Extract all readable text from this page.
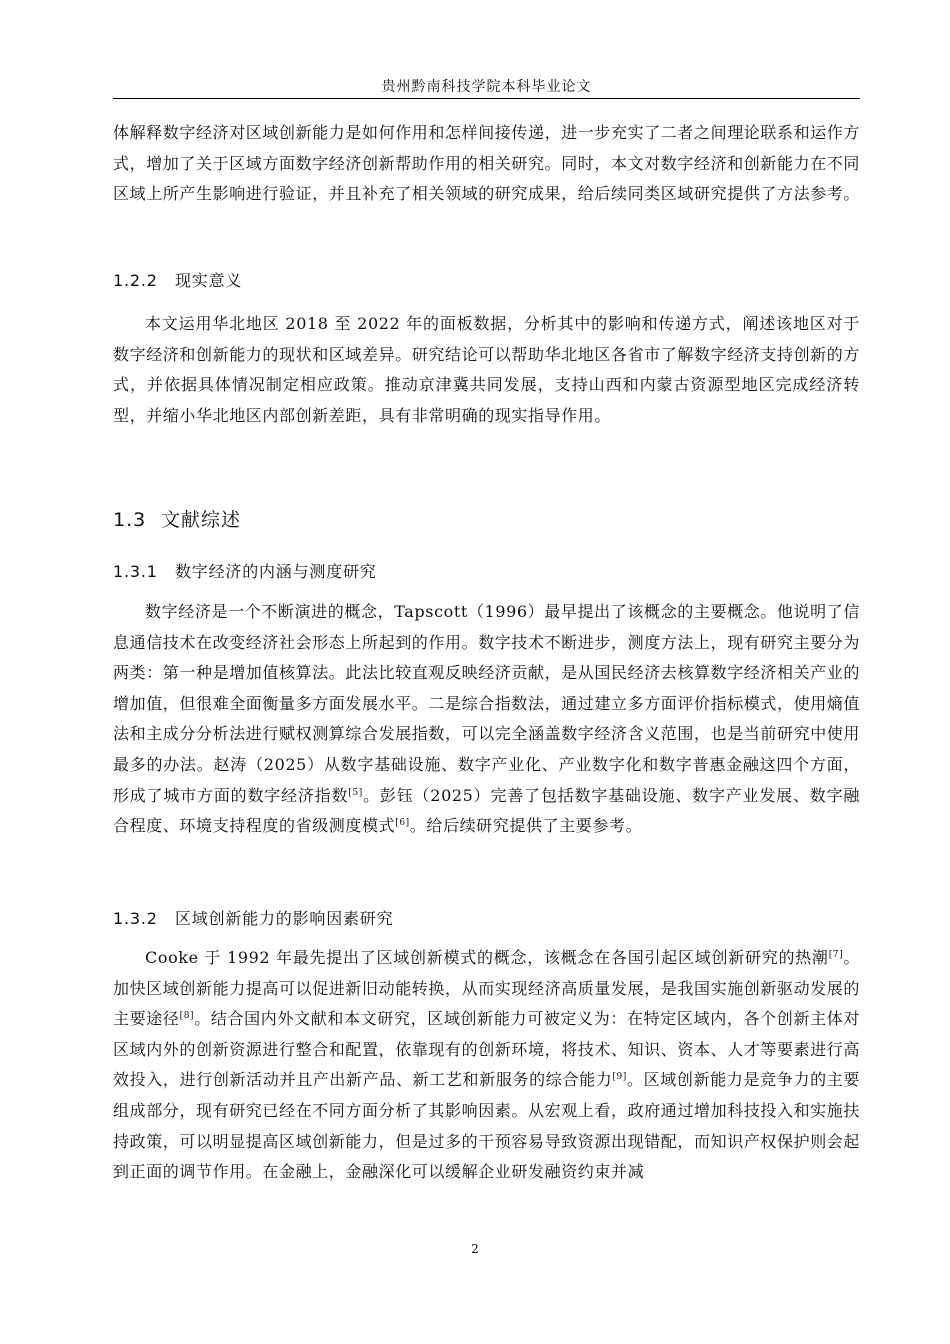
贵州黔南科技学院本科毕业论文

体解释数字经济对区域创新能力是如何作用和怎样间接传递，进一步充实了二者之间理论联系和运作方式，增加了关于区域方面数字经济创新帮助作用的相关研究。同时，本文对数字经济和创新能力在不同区域上所产生影响进行验证，并且补充了相关领域的研究成果，给后续同类区域研究提供了方法参考。

1.2.2 现实意义

本文运用华北地区 2018 至 2022 年的面板数据，分析其中的影响和传递方式，阐述该地区对于数字经济和创新能力的现状和区域差异。研究结论可以帮助华北地区各省市了解数字经济支持创新的方式，并依据具体情况制定相应政策。推动京津冀共同发展，支持山西和内蒙古资源型地区完成经济转型，并缩小华北地区内部创新差距，具有非常明确的现实指导作用。

1.3 文献综述
1.3.1 数字经济的内涵与测度研究

数字经济是一个不断演进的概念，Tapscott（1996）最早提出了该概念的主要概念。他说明了信息通信技术在改变经济社会形态上所起到的作用。数字技术不断进步，测度方法上，现有研究主要分为两类：第一种是增加值核算法。此法比较直观反映经济贡献，是从国民经济去核算数字经济相关产业的增加值，但很难全面衡量多方面发展水平。二是综合指数法，通过建立多方面评价指标模式，使用熵值法和主成分分析法进行赋权测算综合发展指数，可以完全涵盖数字经济含义范围，也是当前研究中使用最多的办法。赵涛（2025）从数字基础设施、数字产业化、产业数字化和数字普惠金融这四个方面，形成了城市方面的数字经济指数[5]。彭钰（2025）完善了包括数字基础设施、数字产业发展、数字融合程度、环境支持程度的省级测度模式[6]。给后续研究提供了主要参考。

1.3.2 区域创新能力的影响因素研究

Cooke 于 1992 年最先提出了区域创新模式的概念，该概念在各国引起区域创新研究的热潮[7]。加快区域创新能力提高可以促进新旧动能转换，从而实现经济高质量发展，是我国实施创新驱动发展的主要途径[8]。结合国内外文献和本文研究，区域创新能力可被定义为：在特定区域内，各个创新主体对区域内外的创新资源进行整合和配置，依靠现有的创新环境，将技术、知识、资本、人才等要素进行高效投入，进行创新活动并且产出新产品、新工艺和新服务的综合能力[9]。区域创新能力是竞争力的主要组成部分，现有研究已经在不同方面分析了其影响因素。从宏观上看，政府通过增加科技投入和实施扶持政策，可以明显提高区域创新能力，但是过多的干预容易导致资源出现错配，而知识产权保护则会起到正面的调节作用。在金融上，金融深化可以缓解企业研发融资约束并减

2
